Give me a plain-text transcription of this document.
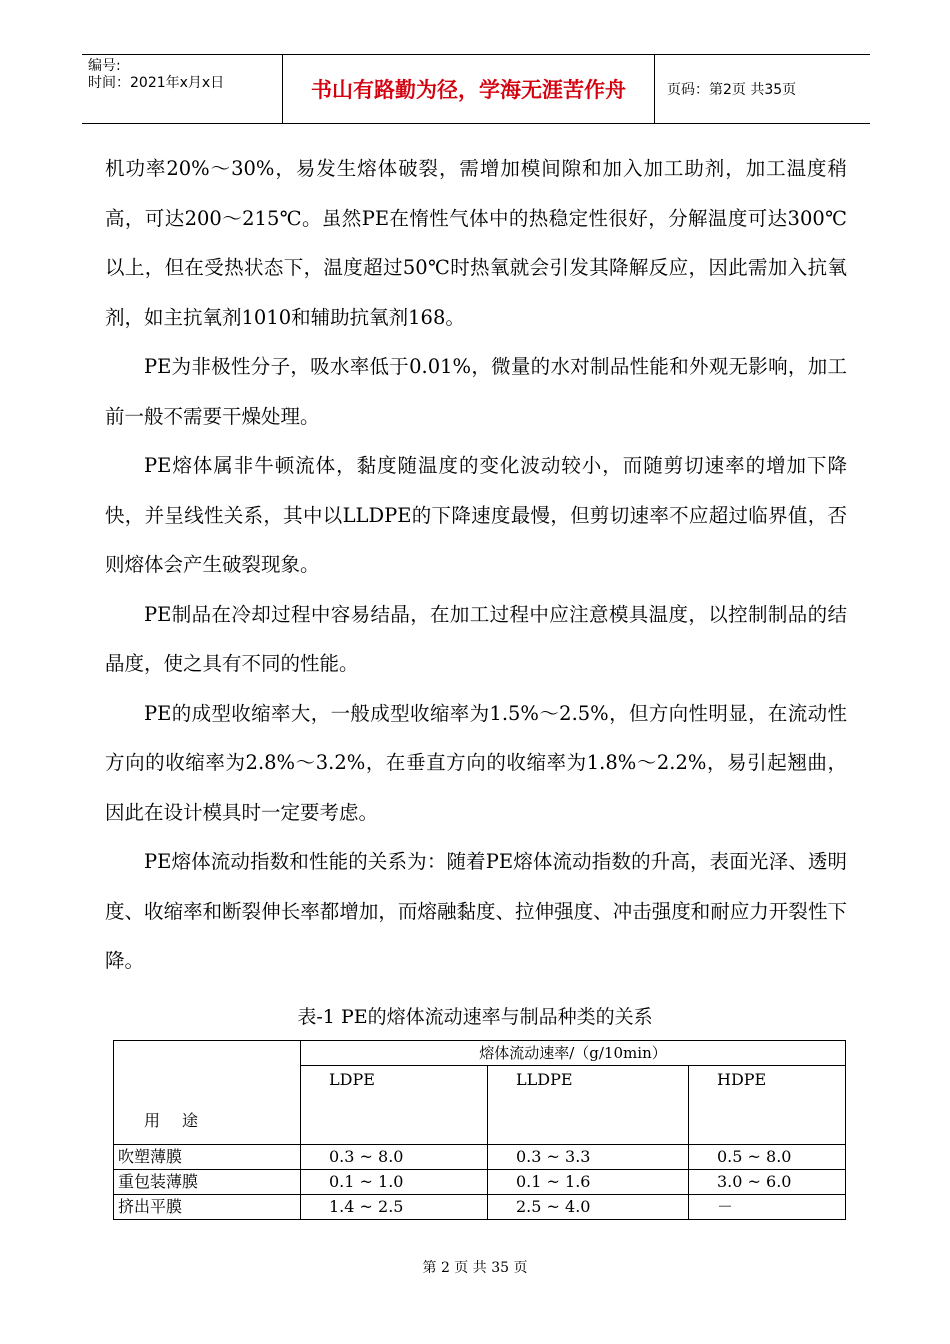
编号:
时间：2021年x月x日	书山有路勤为径，学海无涯苦作舟	页码：第2页 共35页

机功率20%～30%，易发生熔体破裂，需增加模间隙和加入加工助剂，加工温度稍高，可达200～215℃。虽然PE在惰性气体中的热稳定性很好，分解温度可达300℃以上，但在受热状态下，温度超过50℃时热氧就会引发其降解反应，因此需加入抗氧剂，如主抗氧剂1010和辅助抗氧剂168。

PE为非极性分子，吸水率低于0.01%，微量的水对制品性能和外观无影响，加工前一般不需要干燥处理。

PE熔体属非牛顿流体，黏度随温度的变化波动较小，而随剪切速率的增加下降快，并呈线性关系，其中以LLDPE的下降速度最慢，但剪切速率不应超过临界值，否则熔体会产生破裂现象。

PE制品在冷却过程中容易结晶，在加工过程中应注意模具温度，以控制制品的结晶度，使之具有不同的性能。

PE的成型收缩率大，一般成型收缩率为1.5%～2.5%，但方向性明显，在流动性方向的收缩率为2.8%～3.2%，在垂直方向的收缩率为1.8%～2.2%，易引起翘曲，因此在设计模具时一定要考虑。

PE熔体流动指数和性能的关系为：随着PE熔体流动指数的升高，表面光泽、透明度、收缩率和断裂伸长率都增加，而熔融黏度、拉伸强度、冲击强度和耐应力开裂性下降。

表-1 PE的熔体流动速率与制品种类的关系
用途	熔体流动速率/（g/10min）		
	LDPE	LLDPE	HDPE
吹塑薄膜	0.3 ~ 8.0	0.3 ~ 3.3	0.5 ~ 8.0
重包装薄膜	0.1 ~ 1.0	0.1 ~ 1.6	3.0 ~ 6.0
挤出平膜	1.4 ~ 2.5	2.5 ~ 4.0	－
第 2 页 共 35 页
